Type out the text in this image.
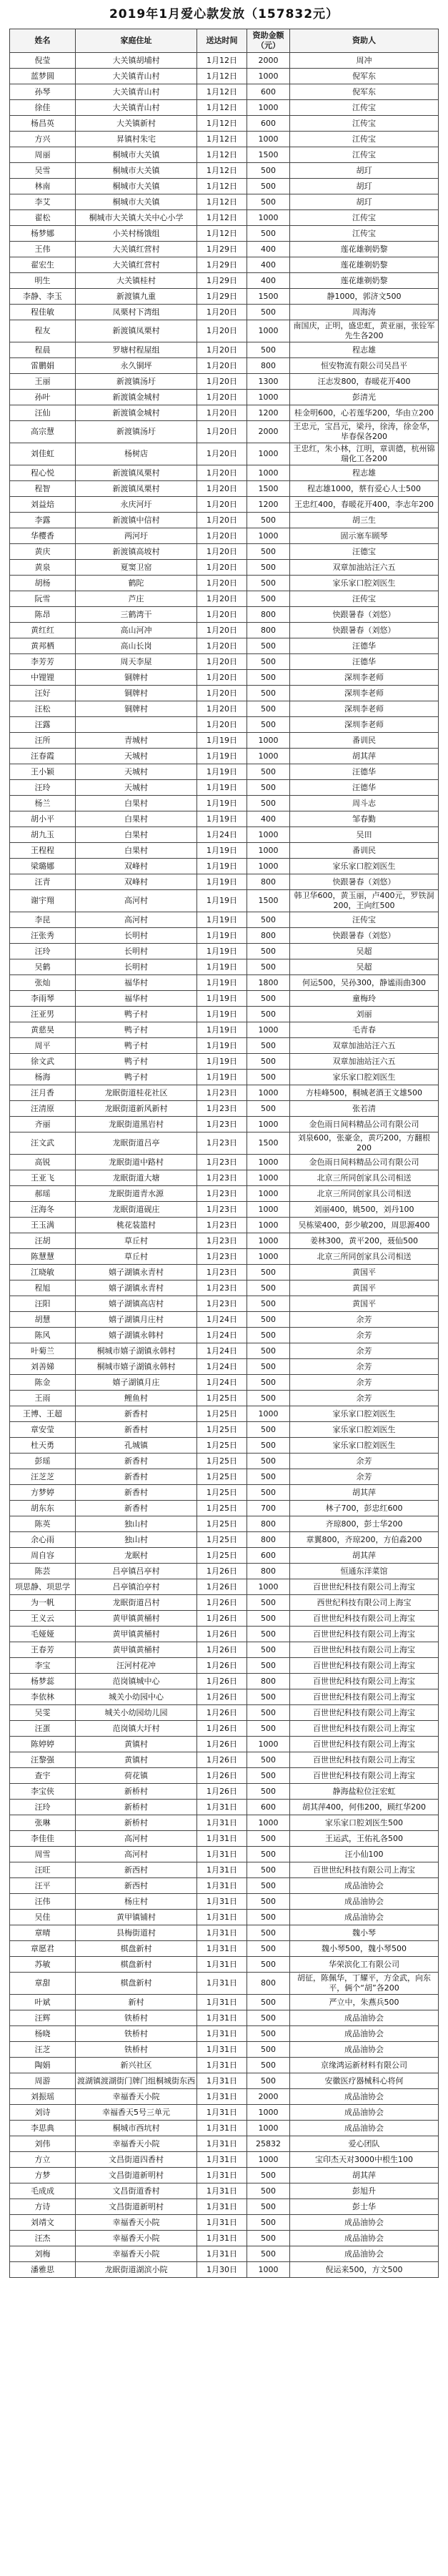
2019年1月爱心款发放（157832元）
姓名	家庭住址	送达时间	资助金额（元）	资助人
倪莹	大关镇胡埔村	1月12日	2000	周冲
蓝梦圆	大关镇青山村	1月12日	1000	倪军东
孙琴	大关镇青山村	1月12日	600	倪军东
徐佳	大关镇青山村	1月12日	1000	江传宝
杨昌英	大关镇新村	1月12日	600	江传宝
方兴	昇镇村朱宅	1月12日	1000	江传宝
周丽	桐城市大关镇	1月12日	1500	江传宝
吴雪	桐城市大关镇	1月12日	500	胡玎
林南	桐城市大关镇	1月12日	500	胡玎
李艾	桐城市大关镇	1月12日	500	胡玎
翟松	桐城市大关镇大关中心小学	1月12日	1000	江传宝
杨梦娜	小关村杨饿组	1月12日	500	江传宝
王伟	大关镇红营村	1月29日	400	莲花雄剃奶黎
翟宏生	大关镇红营村	1月29日	400	莲花雄剃奶黎
明生	大关镇桂村	1月29日	400	莲花雄剃奶黎
李静、李玉	新渡镇九重	1月29日	1500	静1000，郭济文500
程佳敏	凤栗村下湾组	1月20日	500	周海涛
程友	新渡镇凤栗村	1月20日	1000	南国庆，正明，盛忠虹，黄亚丽，张铨军先生各200
程晨	罗塘村程屋组	1月20日	500	程志雄
雷鹏娟	永久铜坪	1月20日	800	恒安物流有限公司吴昌平
王丽	新渡镇汤圩	1月20日	1300	汪志发800，春暖花开400
孙叶	新渡镇金城村	1月20日	1000	彭清光
汪仙	新渡镇金城村	1月20日	1200	桂金明600，心若莲华200，华由立200
高宗慧	新渡镇汤圩	1月20日	2000	王忠元，宝昌元，梁丹，徐涛，徐金华，毕春保各200
刘佳虹	杨树店	1月20日	1000	王忠红，朱小林，江明，章训德，杭州锦瑞化工各200
程心悦	新渡镇凤栗村	1月20日	1000	程志雄
程智	新渡镇凤栗村	1月20日	1500	程志雄1000，蔡有爱心人士500
刘益焙	永庆河圩	1月20日	1200	王忠红400，春暖花开400，李志年200
李露	新渡镇中信村	1月20日	500	胡三生
华樱香	两河圩	1月20日	1000	固示塞车顾琴
黄庆	新渡镇高坡村	1月20日	500	汪德宝
黄泉	夏窦卫窑	1月20日	500	双章加油站汪六五
胡杨	鹤陀	1月20日	500	家乐家口腔刘医生
阮雪	芦庄	1月20日	500	汪传宝
陈昂	三鹤湾干	1月20日	800	快跟暑春（刘悠）
黄红红	高山河冲	1月20日	800	快跟暑春（刘悠）
黄邦栖	高山长岗	1月20日	500	汪德华
李芳芳	周天李屋	1月20日	500	汪德华
中锂锂	铜牌村	1月20日	500	深圳李老师
汪好	铜牌村	1月20日	500	深圳李老师
汪松	铜牌村	1月20日	500	深圳李老师
汪露		1月20日	500	深圳李老师
汪所	青城村	1月19日	1000	番训民
汪春霞	天城村	1月19日	1000	胡其萍
王小颖	天城村	1月19日	500	汪德华
汪玲	天城村	1月19日	500	汪德华
杨兰	白果村	1月19日	500	周斗志
胡小平	白果村	1月19日	400	邹春勤
胡九玉	白果村	1月24日	1000	吴田
王程程	白果村	1月19日	1000	番训民
梁璐娜	双峰村	1月19日	1000	家乐家口腔刘医生
汪青	双峰村	1月19日	800	快跟暑春（刘悠）
谢宇翔	高河村	1月19日	1500	韩卫华600，黄玉丽，卢400元，罗铁洞200，王向红500
李昆	高河村	1月19日	500	汪传宝
汪张秀	长明村	1月19日	800	快跟暑春（刘悠）
汪玲	长明村	1月19日	500	吴超
吴鹤	长明村	1月19日	500	吴超
张灿	福华村	1月19日	1800	何运500，吴孙300，静谧雨曲300
李雨琴	福华村	1月19日	500	童梅玲
汪亚男	鸭子村	1月19日	500	刘丽
黄慈昊	鸭子村	1月19日	1000	毛青春
周平	鸭子村	1月19日	500	双章加油站汪六五
徐文武	鸭子村	1月19日	500	双章加油站汪六五
杨海	鸭子村	1月19日	500	家乐家口腔刘医生
汪月香	龙眠街道桂花社区	1月23日	1000	方桂峰500，桐城老酒王文雄500
汪清原	龙眠街道新风新村	1月23日	500	张若清
齐丽	龙眠街道黑岩村	1月23日	1000	金色雨日间料精品公司有限公司
汪文武	龙眠街道吕亭	1月23日	1500	刘泉600，张豪金，黄巧200，方翻根200
高锐	龙眠街道中路村	1月23日	1000	金色雨日间料精品公司有限公司
王亚飞	龙眠街道大塘	1月23日	1000	北京三所同创家具公司相送
郝瑶	龙眠街道青水源	1月23日	1000	北京三所同创家具公司相送
汪海冬	龙眠街道砚庄	1月23日	1000	刘丽400，姚500，刘丹100
王玉满	桃花装篮村	1月23日	1000	吴栋梁400，彭少敏200，周思源400
汪胡	草丘村	1月23日	1000	姜林300，黄平200，聂仙500
陈慧慧	草丘村	1月23日	1000	北京三所同创家具公司相送
江晓敏	嬉子湖镇永青村	1月23日	500	黄国平
程旭	嬉子湖镇永青村	1月23日	500	黄国平
汪阳	嬉子湖镇高店村	1月23日	500	黄国平
胡慧	嬉子湖镇月庄村	1月24日	500	余芳
陈风	嬉子湖镇永韩村	1月24日	500	余芳
叶菊兰	桐城市嬉子湖镇永韩村	1月24日	500	余芳
刘善娣	桐城市嬉子湖镇永韩村	1月24日	500	余芳
陈金	嬉子湖镇月庄	1月24日	500	余芳
王雨	鲤鱼村	1月25日	500	余芳
王博、王超	新香村	1月25日	1000	家乐家口腔刘医生
章安莹	新香村	1月25日	500	家乐家口腔刘医生
杜天勇	孔城镇	1月25日	500	家乐家口腔刘医生
彭瑶	新香村	1月25日	500	余芳
汪芝芝	新香村	1月25日	500	余芳
方梦婷	新香村	1月25日	500	胡其萍
胡东东	新香村	1月25日	700	林子700，彭忠红600
陈英	独山村	1月25日	800	齐琼800，彭士华200
余心雨	独山村	1月25日	800	章翼800，齐琼200，方伯淼200
周自容	龙眠村	1月25日	600	胡其萍
陈芸	吕亭镇吕亭村	1月26日	800	恒通东洋菜馆
项思静、项思学	吕亭镇泊亭村	1月26日	1000	百世世纪科技有限公司上海宝
为一帆	龙眠街道吕村	1月26日	500	西世纪科技有限公司上海宝
王义云	黄甲镇黄桶村	1月26日	500	百世世纪科技有限公司上海宝
毛娅娅	黄甲镇黄桶村	1月26日	500	百世世纪科技有限公司上海宝
王春芳	黄甲镇黄桶村	1月26日	500	百世世纪科技有限公司上海宝
李宝	汪河村花冲	1月26日	500	百世世纪科技有限公司上海宝
杨梦蕊	范岗镇城中心	1月26日	800	百世世纪科技有限公司上海宝
李依林	城关小幼园中心	1月26日	500	百世世纪科技有限公司上海宝
吴雯	城关小幼园幼儿园	1月26日	500	百世世纪科技有限公司上海宝
汪蛋	范岗镇大圩村	1月26日	500	百世世纪科技有限公司上海宝
陈婷婷	黄镇村	1月26日	1000	百世世纪科技有限公司上海宝
汪黎强	黄镇村	1月26日	500	百世世纪科技有限公司上海宝
查宇	荷花镇	1月26日	500	百世世纪科技有限公司上海宝
李宝侠	新桥村	1月26日	500	静海盐粒位汪宏虹
汪玲	新桥村	1月31日	600	胡其萍400，何伟200，顾红华200
张琳	新桥村	1月31日	1000	家乐家口腔刘医生500
李佳佳	高河村	1月31日	500	王运武，王佑礼各500
周雪	高河村	1月31日	500	汪小仙100
汪旺	新西村	1月31日	500	百世世纪科技有限公司上海宝
汪平	新西村	1月31日	500	成品油协会
汪伟	杨庄村	1月31日	500	成品油协会
吴佳	黄甲镇铺村	1月31日	500	成品油协会
章晴	县梅街道村	1月31日	500	魏小琴
章愿君	棋盘新村	1月31日	500	魏小琴500，魏小琴500
苏敏	棋盘新村	1月31日	500	华荣滨化工有限公司
章甜	棋盘新村	1月31日	800	胡征，陈佩华，丁耀平，方金武，向东平，俩个“胡”各200
叶斌	新村	1月31日	500	严立中，朱燕兵500
汪辉	铁桥村	1月31日	500	成品油协会
杨晓	铁桥村	1月31日	500	成品油协会
汪芝	铁桥村	1月31日	500	成品油协会
陶娟	新兴社区	1月31日	500	京缘鸿运新材料有限公司
周游	渡湖镇渡湖街门牌门组桐城街东西	1月31日	500	安徽医疗器械科心将何
刘振瑶	幸福香天小院	1月31日	2000	成品油协会
刘诗	幸福香天5号三单元	1月31日	1000	成品油协会
李思典	桐城市西坑村	1月31日	1000	成品油协会
刘伟	幸福香天小院	1月31日	25832	爱心团队
方立	文昌街道四香村	1月31日	1000	宝印杰天对3000中根生100
方梦	文昌街道新明村	1月31日	500	胡其萍
毛成成	文昌街道香村	1月31日	500	彭旭升
方诗	文昌街道新明村	1月31日	500	彭士华
刘靖文	幸福香天小院	1月31日	500	成品油协会
汪杰	幸福香天小院	1月31日	500	成品油协会
刘梅	幸福香天小院	1月31日	500	成品油协会
潘雅思	龙眠街道湖滨小院	1月30日	1000	倪运来500，方文500
